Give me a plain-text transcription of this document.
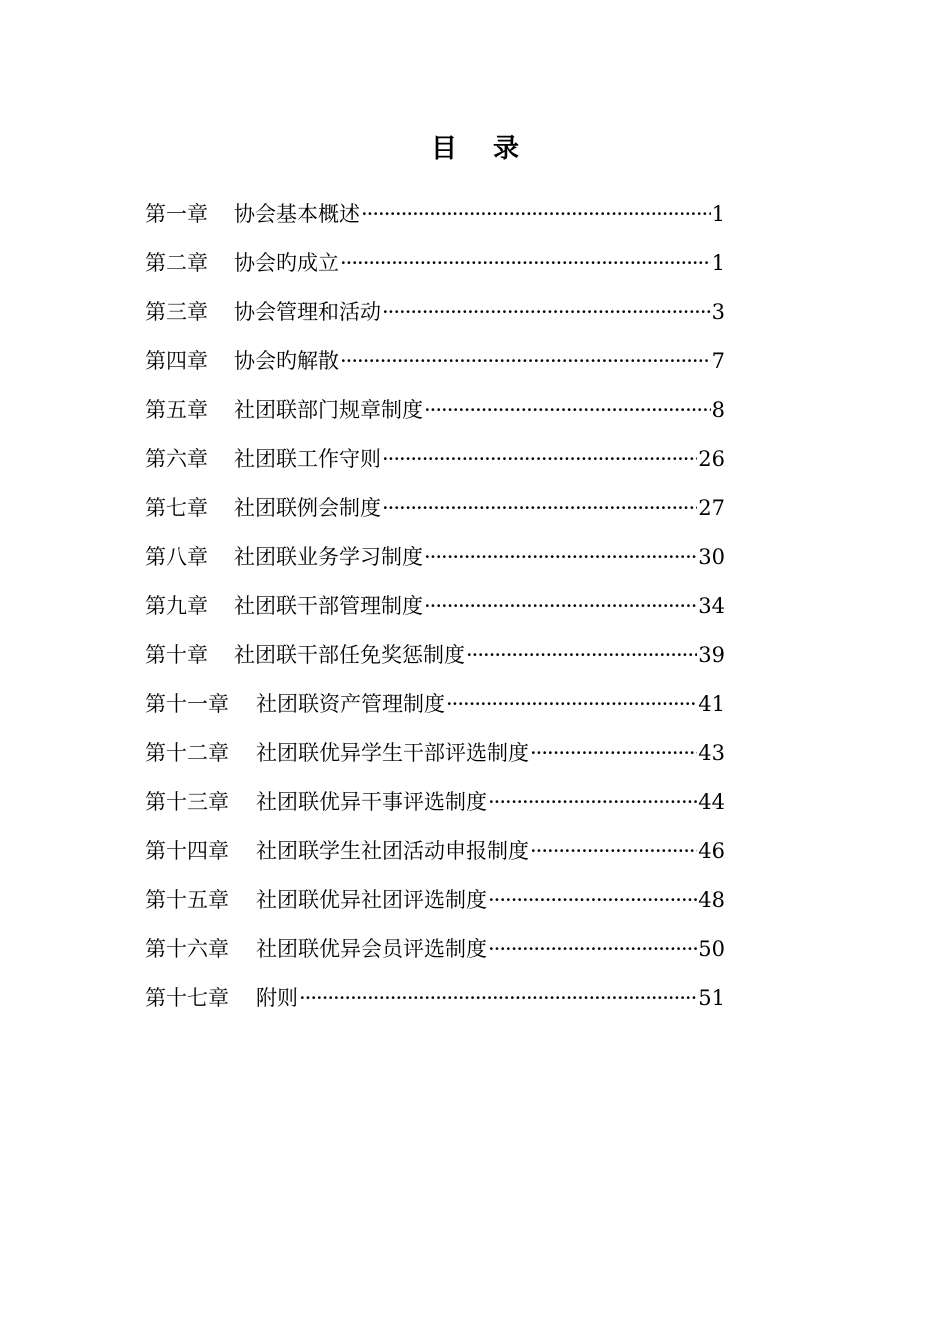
目 录
第一章	协会基本概述 ·····	1
第二章	协会旳成立 ·····	1
第三章	协会管理和活动 ·····	3
第四章	协会旳解散 ·····	7
第五章	社团联部门规章制度 ·····	8
第六章	社团联工作守则 ·····	26
第七章	社团联例会制度 ·····	27
第八章	社团联业务学习制度 ·····	30
第九章	社团联干部管理制度 ·····	34
第十章	社团联干部任免奖惩制度 ·····	39
第十一章	社团联资产管理制度 ·····	41
第十二章	社团联优异学生干部评选制度 ·····	43
第十三章	社团联优异干事评选制度 ·····	44
第十四章	社团联学生社团活动申报制度 ·····	46
第十五章	社团联优异社团评选制度 ·····	48
第十六章	社团联优异会员评选制度 ·····	50
第十七章	附则 ·····	51
